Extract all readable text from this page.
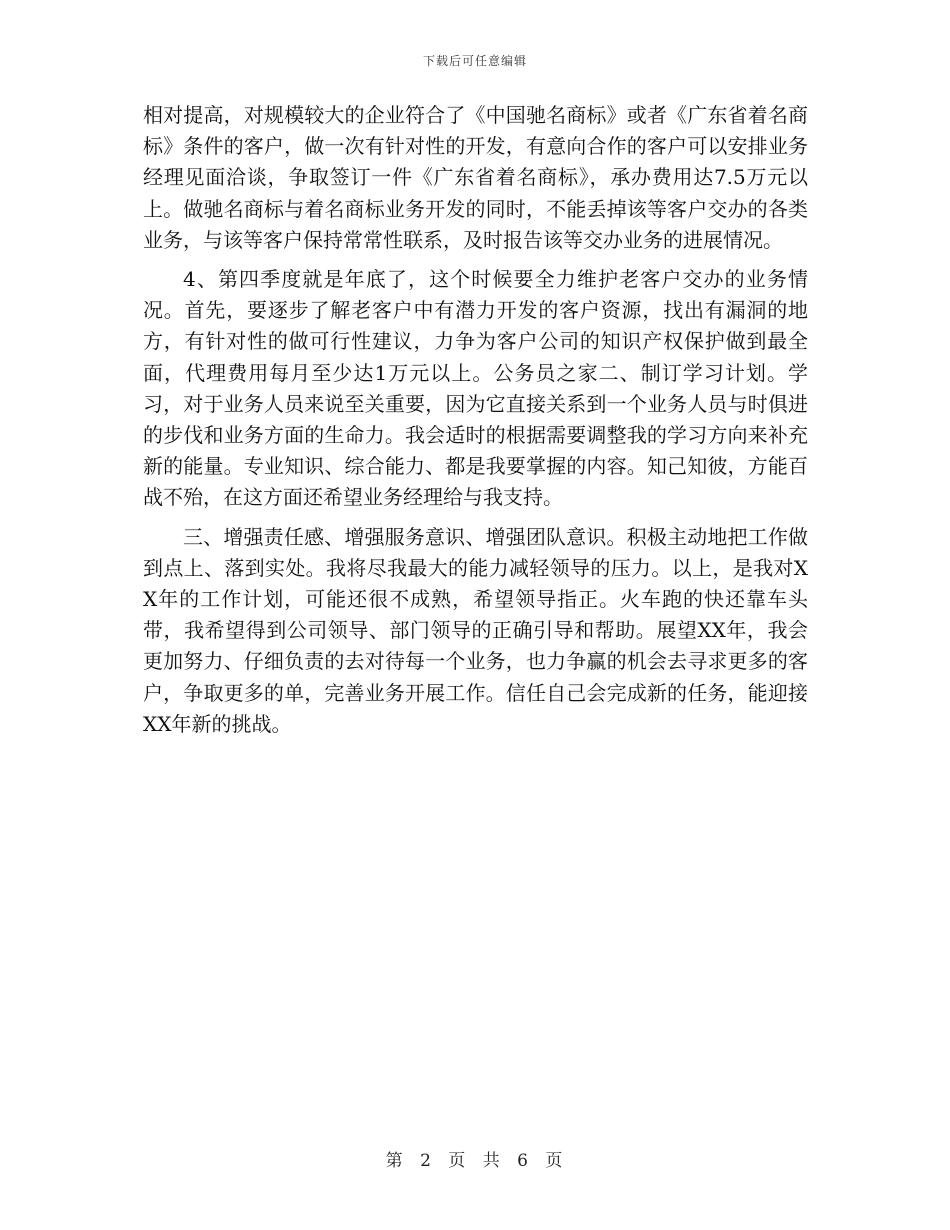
下载后可任意编辑

相对提高，对规模较大的企业符合了《中国驰名商标》或者《广东省着名商标》条件的客户，做一次有针对性的开发，有意向合作的客户可以安排业务经理见面洽谈，争取签订一件《广东省着名商标》，承办费用达7.5万元以上。做驰名商标与着名商标业务开发的同时，不能丢掉该等客户交办的各类业务，与该等客户保持常常性联系，及时报告该等交办业务的进展情况。

4、第四季度就是年底了，这个时候要全力维护老客户交办的业务情况。首先，要逐步了解老客户中有潜力开发的客户资源，找出有漏洞的地方，有针对性的做可行性建议，力争为客户公司的知识产权保护做到最全面，代理费用每月至少达1万元以上。公务员之家二、制订学习计划。学习，对于业务人员来说至关重要，因为它直接关系到一个业务人员与时俱进的步伐和业务方面的生命力。我会适时的根据需要调整我的学习方向来补充新的能量。专业知识、综合能力、都是我要掌握的内容。知己知彼，方能百战不殆，在这方面还希望业务经理给与我支持。

三、增强责任感、增强服务意识、增强团队意识。积极主动地把工作做到点上、落到实处。我将尽我最大的能力减轻领导的压力。以上，是我对XX年的工作计划，可能还很不成熟，希望领导指正。火车跑的快还靠车头带，我希望得到公司领导、部门领导的正确引导和帮助。展望XX年，我会更加努力、仔细负责的去对待每一个业务，也力争赢的机会去寻求更多的客户，争取更多的单，完善业务开展工作。信任自己会完成新的任务，能迎接XX年新的挑战。

第 2 页 共 6 页
